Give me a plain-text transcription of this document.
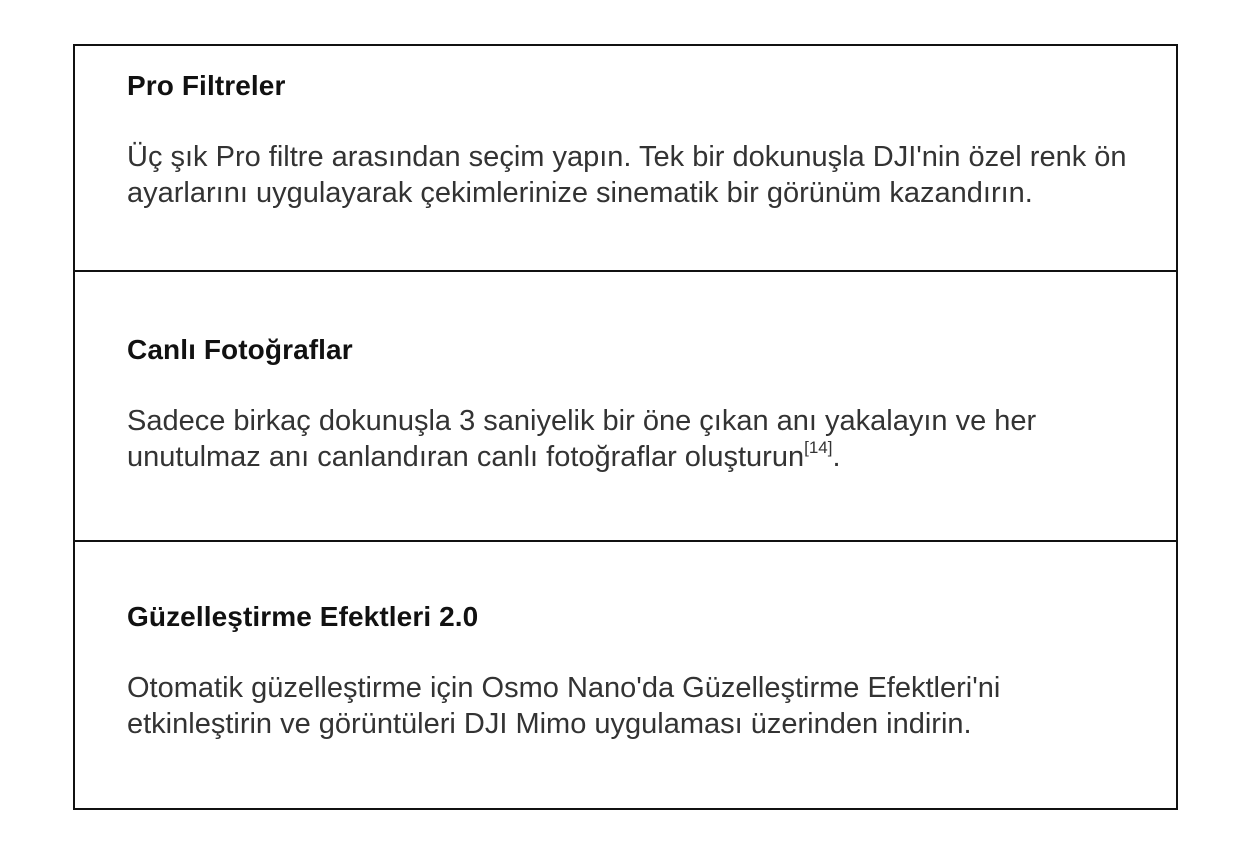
Pro Filtreler

Üç şık Pro filtre arasından seçim yapın. Tek bir dokunuşla DJI'nin özel renk ön ayarlarını uygulayarak çekimlerinize sinematik bir görünüm kazandırın.

Canlı Fotoğraflar

Sadece birkaç dokunuşla 3 saniyelik bir öne çıkan anı yakalayın ve her unutulmaz anı canlandıran canlı fotoğraflar oluşturun[14].

Güzelleştirme Efektleri 2.0

Otomatik güzelleştirme için Osmo Nano'da Güzelleştirme Efektleri'ni etkinleştirin ve görüntüleri DJI Mimo uygulaması üzerinden indirin.
